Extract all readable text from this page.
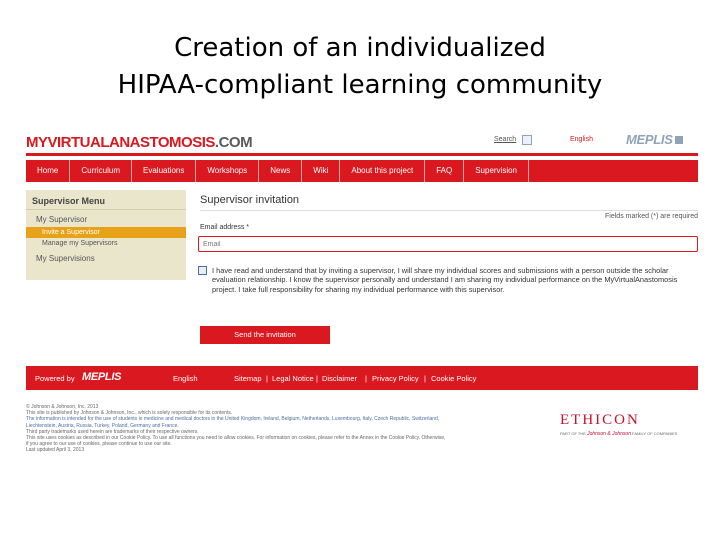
Creation of an individualized
HIPAA-compliant learning community
MYVIRTUALANASTOMOSIS.COM	Search	English	MEPLIS
Home	Curriculum	Evaluations	Workshops	News	Wiki	About this project	FAQ	Supervision
Supervisor Menu
My Supervisor
Invite a Supervisor
Manage my Supervisors
My Supervisions
Supervisor invitation
Fields marked (*) are required
Email address *
Email
I have read and understand that by inviting a supervisor, I will share my individual scores and submissions with a person outside the scholar evaluation relationship. I know the supervisor personally and understand I am sharing my individual performance on the MyVirtualAnastomosis project. I take full responsibility for sharing my individual performance with this supervisor.
Send the invitation
Powered by MEPLIS	English	Sitemap | Legal Notice | Disclaimer | Privacy Policy | Cookie Policy
© Johnson & Johnson, Inc. 2013
This site is published by Johnson & Johnson, Inc., which is solely responsible for its contents.
The information is intended for the use of students in medicine and medical doctors in the United Kingdom, Ireland, Belgium, Netherlands, Luxembourg, Italy, Czech Republic, Switzerland, Liechtenstein, Austria, Russia, Turkey, Poland, Germany and France.
Third party trademarks used herein are trademarks of their respective owners.
This site uses cookies as described in our Cookie Policy. To use all functions you need to allow cookies. For information on cookies, please refer to the Annex in the Cookie Policy. Otherwise, if you agree to our use of cookies, please continue to use our site.
Last updated April 3, 2013
ETHICON
PART OF THE Johnson & Johnson FAMILY OF COMPANIES
